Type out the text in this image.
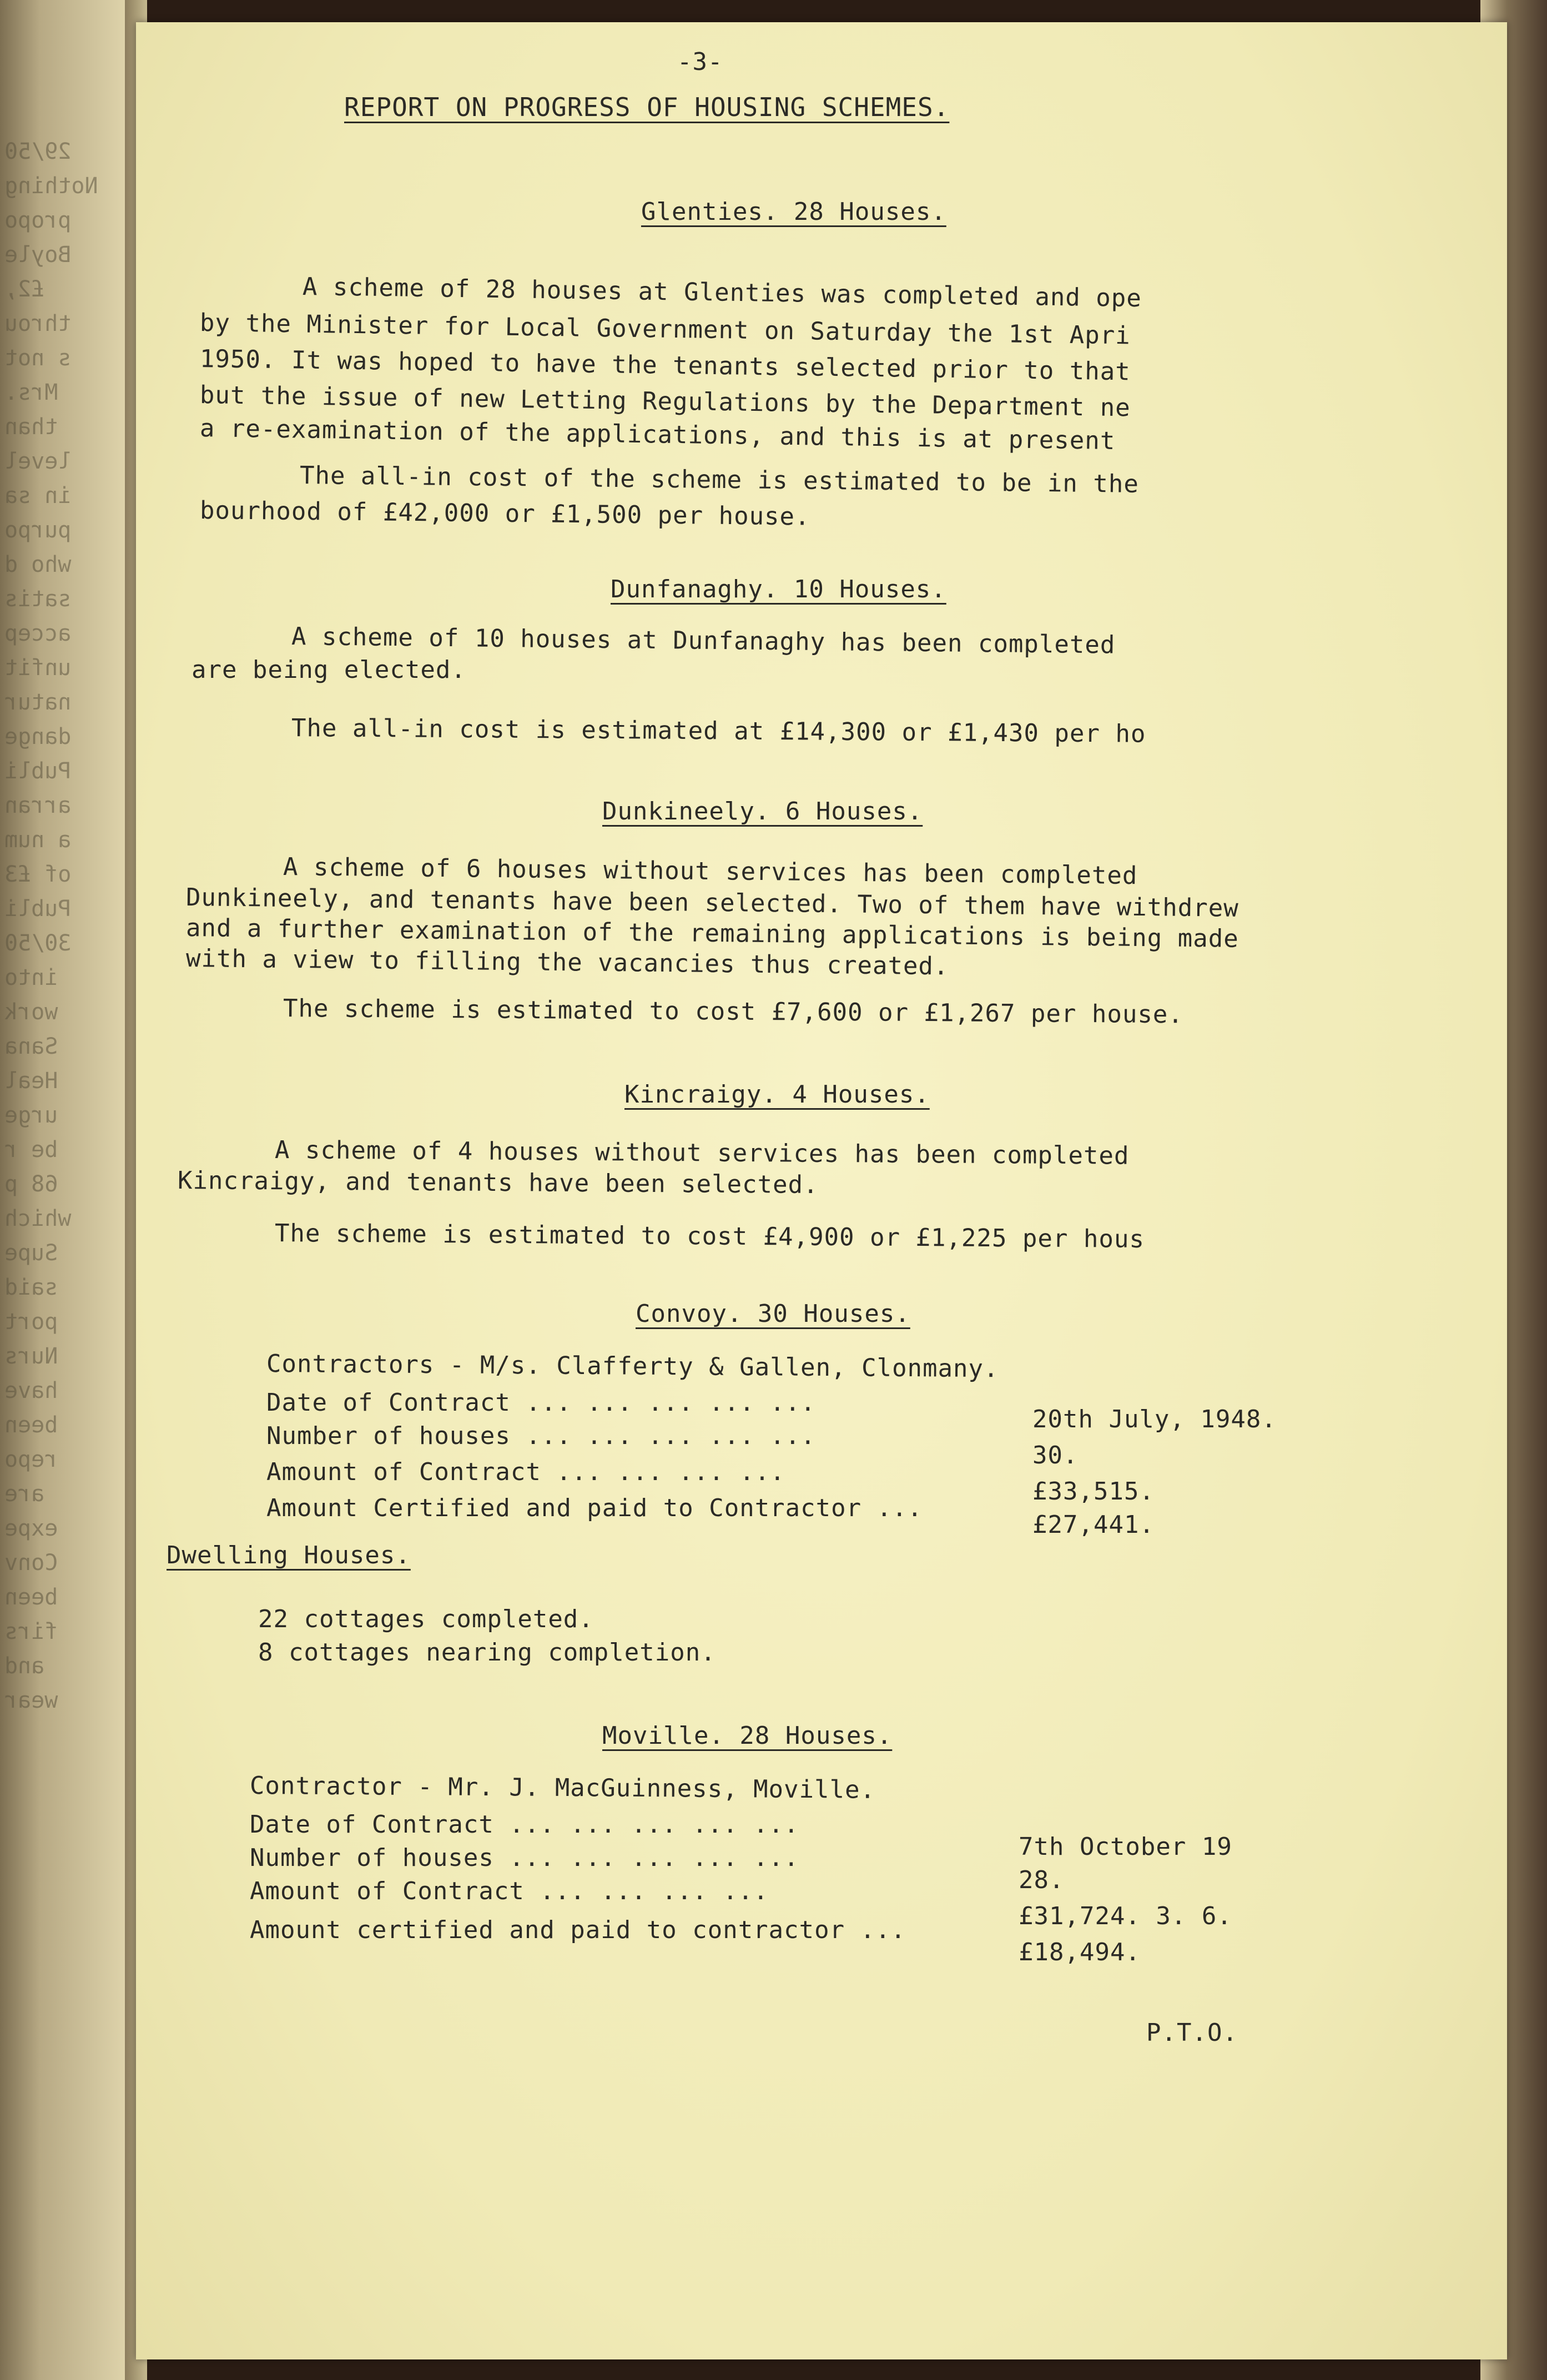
29/50
Nothing
propo
Boyle
£2,
throu
s not
Mrs.
than
level
in sa
purpo
who d
satis
accep
unfit
natur
dange
Publi
arran
a num
of £3
Publi
30/50
into
work
Sana
Heal
urge
be r
68 p
which
Supe
said
port
Nurs
have
been
repo
are
expe
Conv
been
firs
and
wear
-3-
REPORT ON PROGRESS OF HOUSING SCHEMES.
Glenties. 28 Houses.
A scheme of 28 houses at Glenties was completed and ope
by the Minister for Local Government on Saturday the 1st Apri
1950. It was hoped to have the tenants selected prior to that
but the issue of new Letting Regulations by the Department ne
a re-examination of the applications, and this is at present
The all-in cost of the scheme is estimated to be in the
bourhood of £42,000 or £1,500 per house.
Dunfanaghy. 10 Houses.
A scheme of 10 houses at Dunfanaghy has been completed
are being elected.
The all-in cost is estimated at £14,300 or £1,430 per ho
Dunkineely. 6 Houses.
A scheme of 6 houses without services has been completed
Dunkineely, and tenants have been selected. Two of them have withdrew
and a further examination of the remaining applications is being made
with a view to filling the vacancies thus created.
The scheme is estimated to cost £7,600 or £1,267 per house.
Kincraigy. 4 Houses.
A scheme of 4 houses without services has been completed
Kincraigy, and tenants have been selected.
The scheme is estimated to cost £4,900 or £1,225 per hous
Convoy. 30 Houses.
Contractors - M/s. Clafferty & Gallen, Clonmany.
Date of Contract ... ... ... ... ...
20th July, 1948.
Number of houses ... ... ... ... ...
30.
Amount of Contract ... ... ... ...
£33,515.
Amount Certified and paid to Contractor ...
£27,441.
Dwelling Houses.
22 cottages completed.
8 cottages nearing completion.
Moville. 28 Houses.
Contractor - Mr. J. MacGuinness, Moville.
Date of Contract ... ... ... ... ...
7th October 19
Number of houses ... ... ... ... ...
28.
Amount of Contract ... ... ... ...
£31,724. 3. 6.
Amount certified and paid to contractor ...
£18,494.
P.T.O.
